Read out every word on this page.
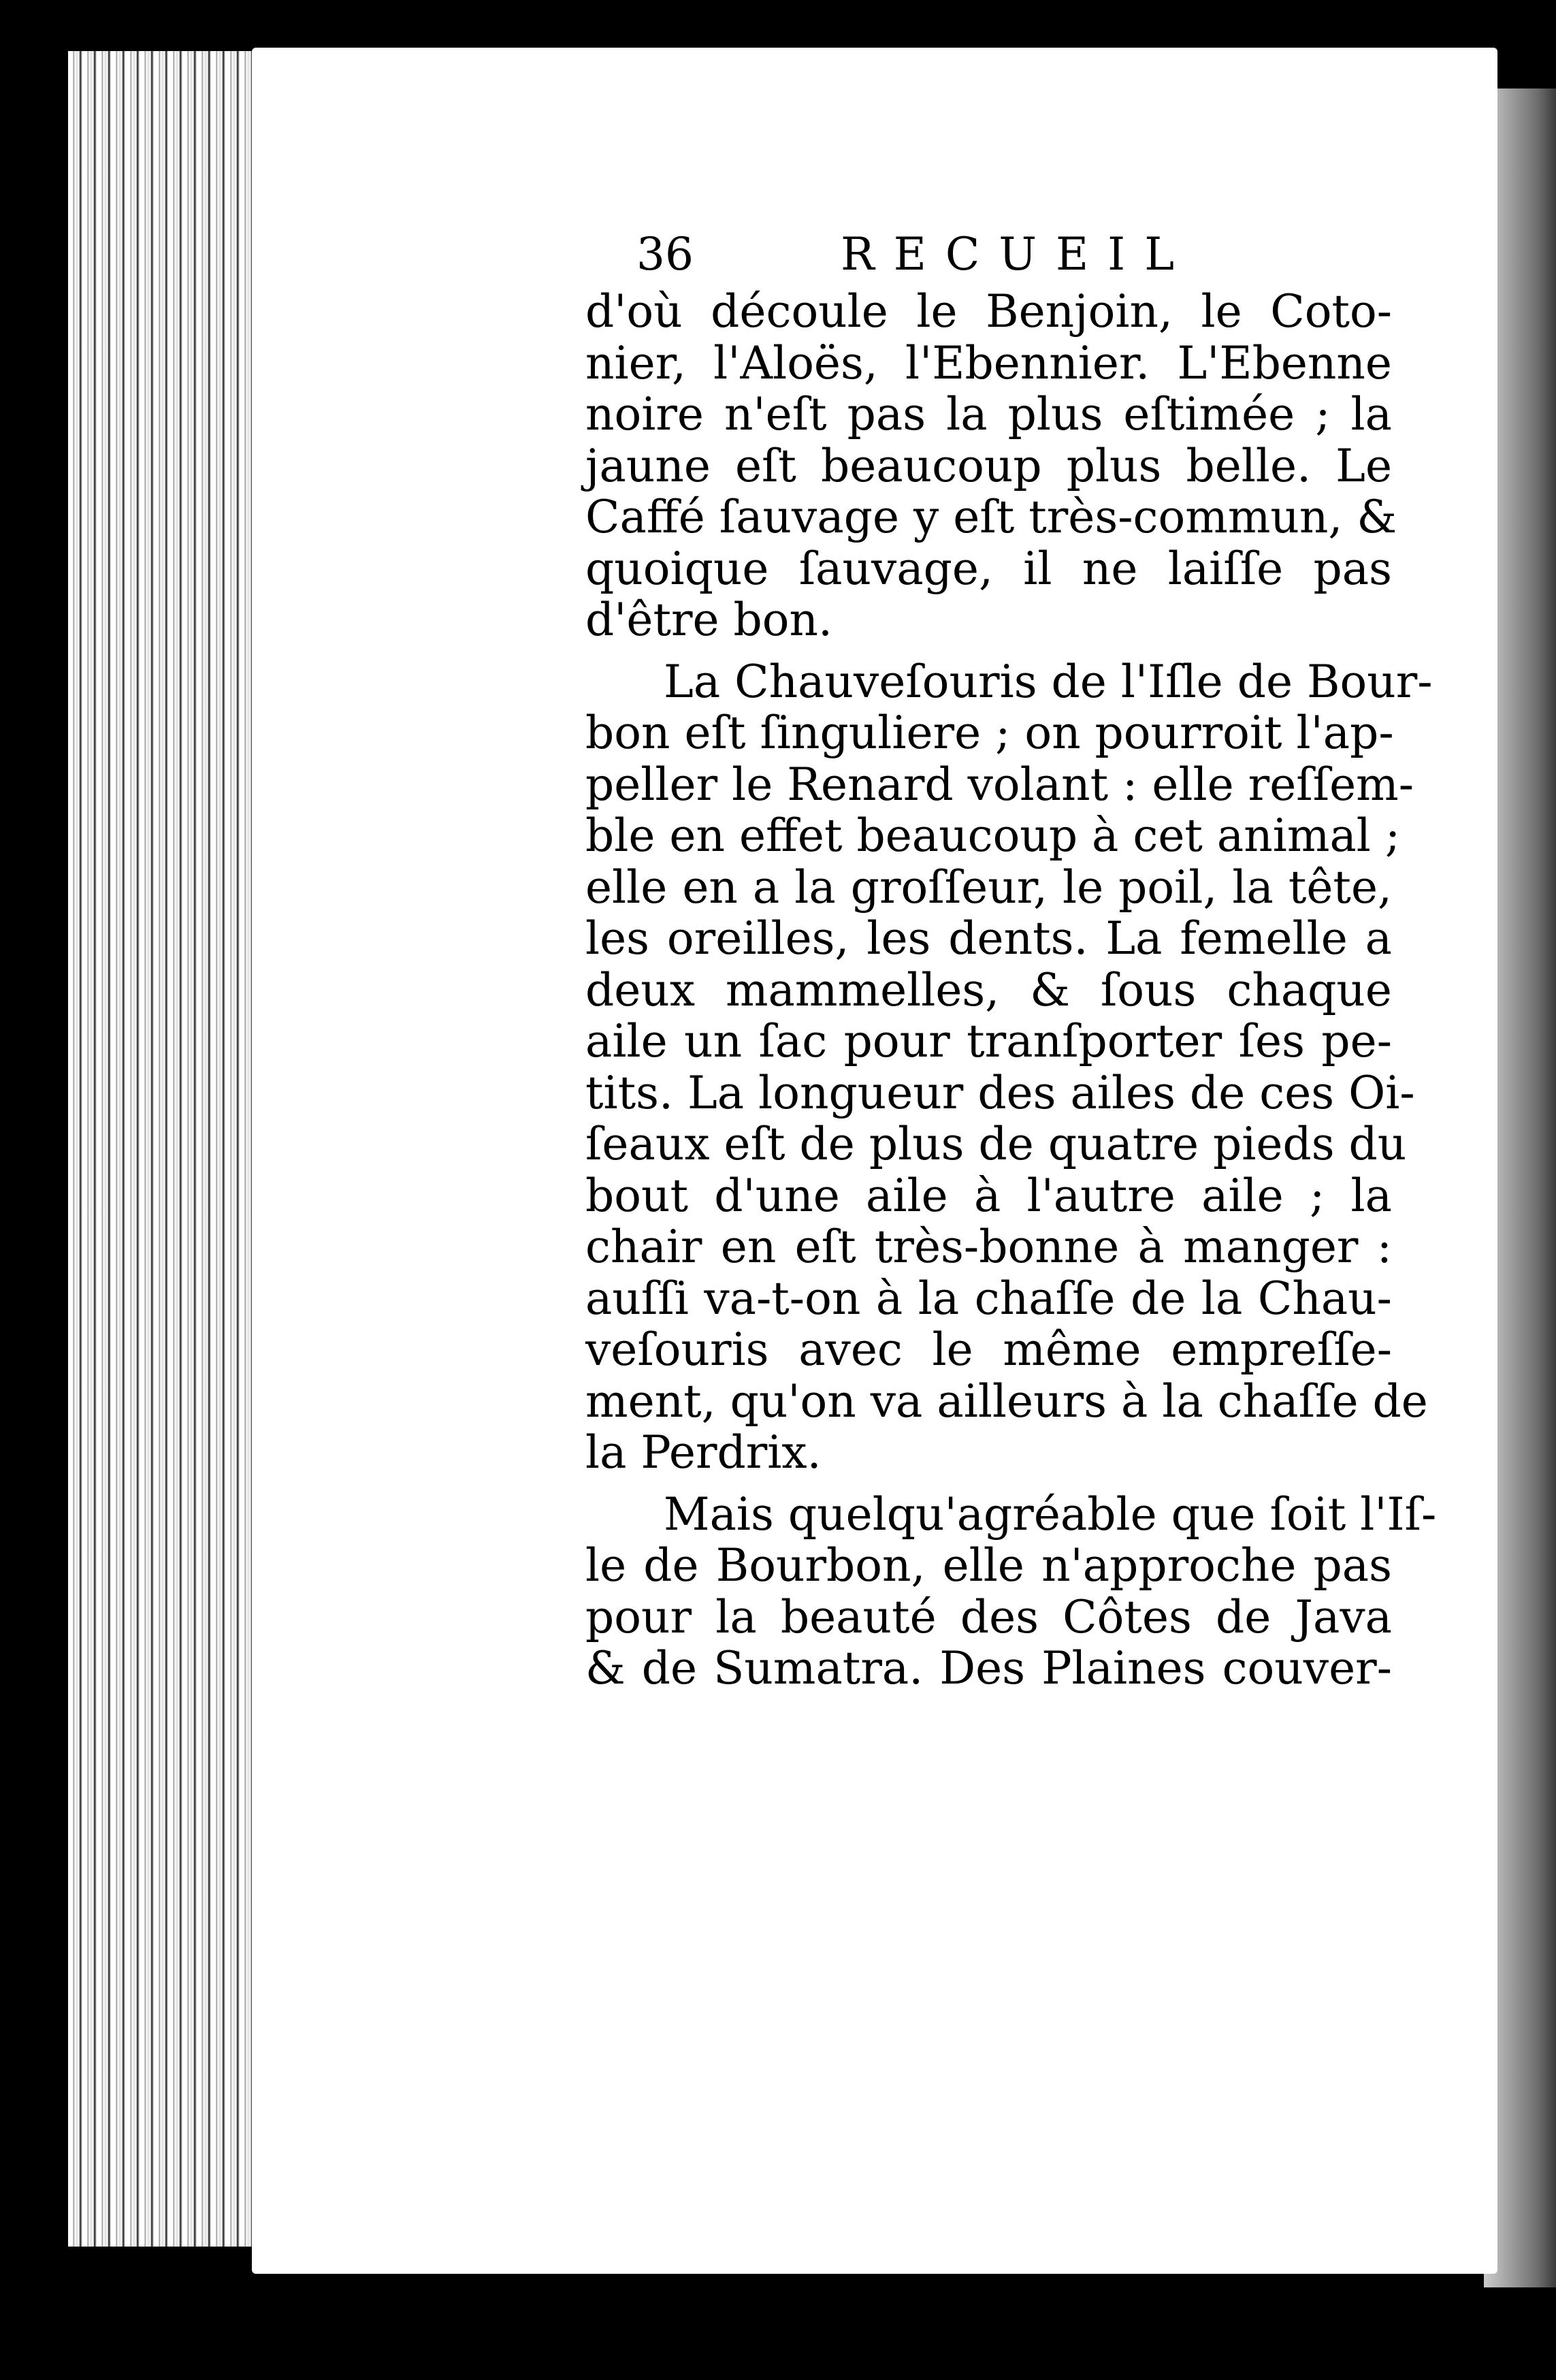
36	RECUEIL
d'où découle le Benjoin, le Coto-
nier, l'Aloës, l'Ebennier. L'Ebenne
noire n'eſt pas la plus eſtimée ; la
jaune eſt beaucoup plus belle. Le
Caffé ſauvage y eſt très-commun, &
quoique ſauvage, il ne laiſſe pas
d'être bon.
La Chauveſouris de l'Iſle de Bour-
bon eſt ſinguliere ; on pourroit l'ap-
peller le Renard volant : elle reſſem-
ble en effet beaucoup à cet animal ;
elle en a la groſſeur, le poil, la tête,
les oreilles, les dents. La femelle a
deux mammelles, & ſous chaque
aile un ſac pour tranſporter ſes pe-
tits. La longueur des ailes de ces Oi-
ſeaux eſt de plus de quatre pieds du
bout d'une aile à l'autre aile ; la
chair en eſt très-bonne à manger :
auſſi va-t-on à la chaſſe de la Chau-
veſouris avec le même empreſſe-
ment, qu'on va ailleurs à la chaſſe de
la Perdrix.
Mais quelqu'agréable que ſoit l'Iſ-
le de Bourbon, elle n'approche pas
pour la beauté des Côtes de Java
& de Sumatra. Des Plaines couver-
